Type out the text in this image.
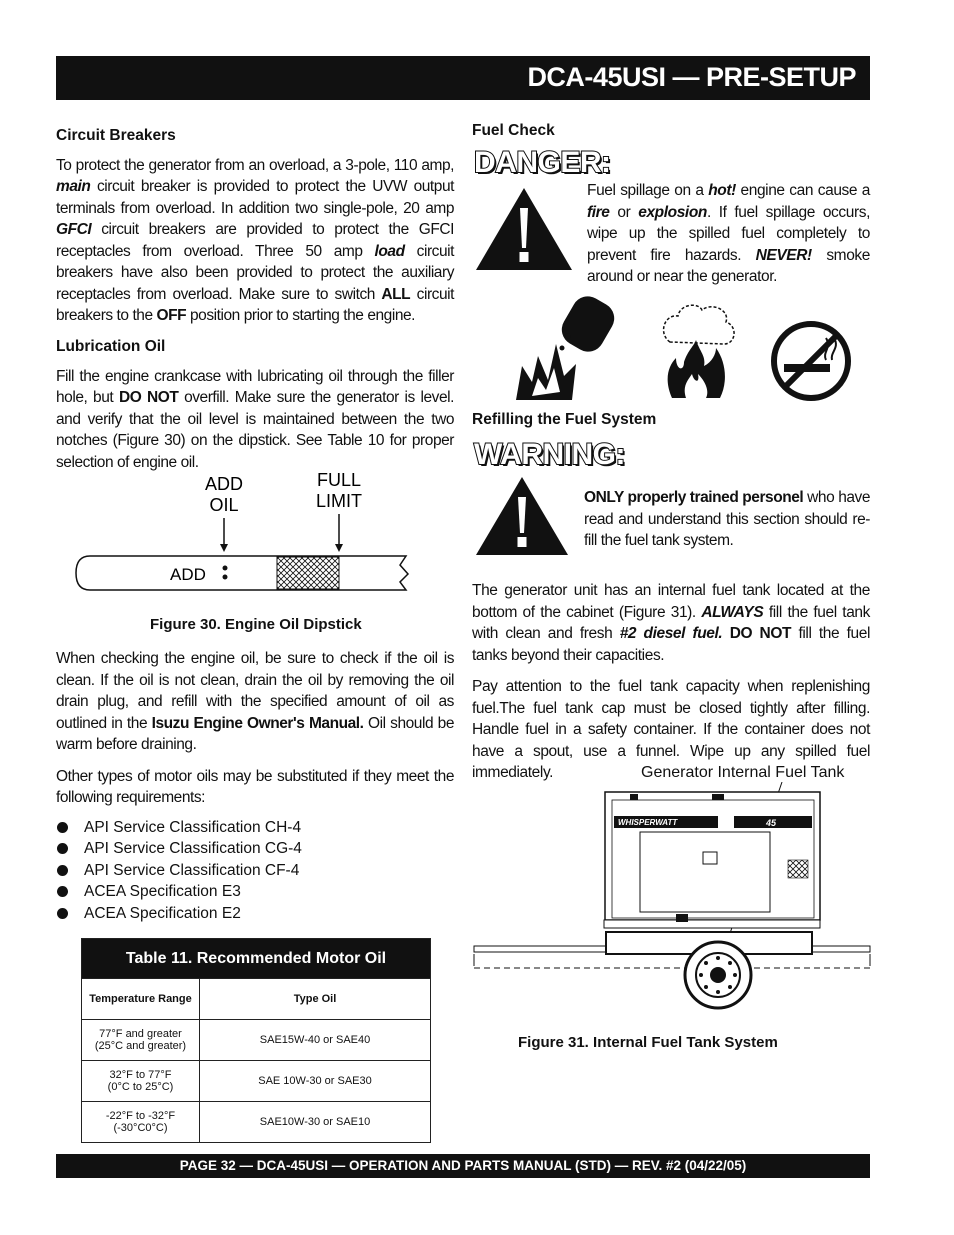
DCA-45USI — PRE-SETUP
Circuit Breakers

To protect the generator from an overload, a 3-pole, 110 amp, main circuit breaker is provided to protect the UVW output terminals from overload. In addition two single-pole, 20 amp GFCI circuit breakers are provided to protect the GFCI receptacles from overload. Three 50 amp load circuit breakers have also been provided to protect the auxiliary receptacles from overload. Make sure to switch ALL circuit breakers to the OFF position prior to starting the engine.

Lubrication Oil

Fill the engine crankcase with lubricating oil through the filler hole, but DO NOT overfill. Make sure the generator is level. and verify that the oil level is maintained between the two notches (Figure 30) on the dipstick. See Table 10 for proper selection of engine oil.

ADD
OIL
FULL
LIMIT
ADD
Figure 30. Engine Oil Dipstick

When checking the engine oil, be sure to check if the oil is clean. If the oil is not clean, drain the oil by removing the oil drain plug, and refill with the specified amount of oil as outlined in the Isuzu Engine Owner's Manual. Oil should be warm before draining.

Other types of motor oils may be substituted if they meet the following requirements:

API Service Classification CH-4
API Service Classification CG-4
API Service Classification CF-4
ACEA Specification E3
ACEA Specification E2
Table 11. Recommended Motor Oil	
Temperature Range	Type Oil
77°F and greater
(25°C and greater)	SAE15W-40 or SAE40
32°F to 77°F
(0°C to 25°C)	SAE 10W-30 or SAE30
-22°F to -32°F
(-30°C0°C)	SAE10W-30 or SAE10
Fuel Check
DANGER:
Fuel spillage on a hot! engine can cause a fire or explosion. If fuel spillage occurs, wipe up the spilled fuel completely to prevent fire hazards. NEVER! smoke around or near the generator.
Refilling the Fuel System
WARNING:
ONLY properly trained personel who have read and understand this section should re-fill the fuel tank system.

The generator unit has an internal fuel tank located at the bottom of the cabinet (Figure 31). ALWAYS fill the fuel tank with clean and fresh #2 diesel fuel. DO NOT fill the fuel tanks beyond their capacities.

Pay attention to the fuel tank capacity when replenishing fuel.The fuel tank cap must be closed tightly after filling. Handle fuel in a safety container. If the container does not have a spout, use a funnel. Wipe up any spilled fuel immediately.	Generator Internal Fuel Tank
WHISPERWATT	45
Figure 31. Internal Fuel Tank System
PAGE 32 — DCA-45USI — OPERATION AND PARTS MANUAL (STD) — REV. #2 (04/22/05)
